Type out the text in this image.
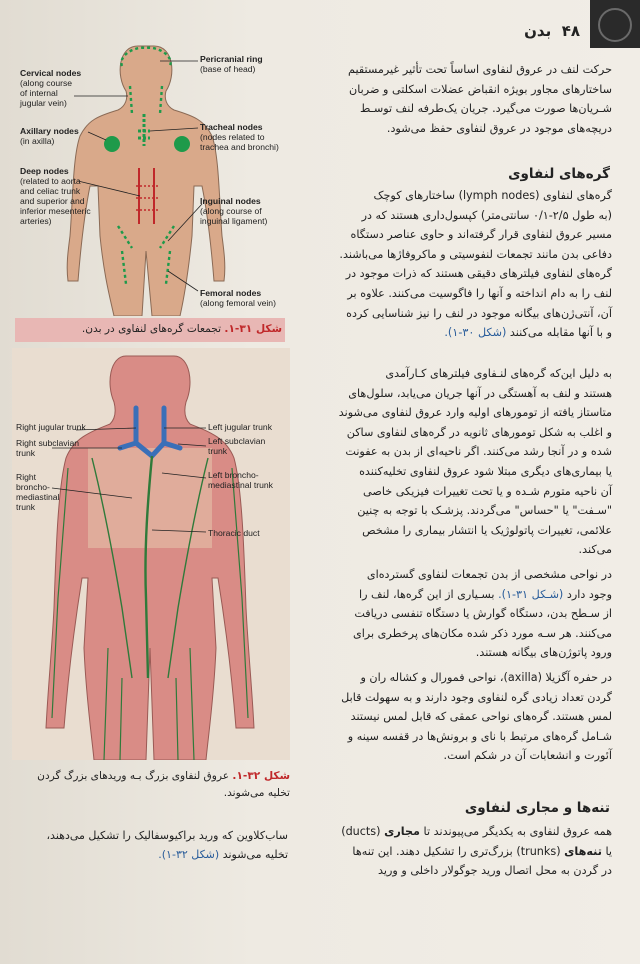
۴۸  بدن
Pericranial ring
(base of head)
Cervical nodes
(along course
of internal
jugular vein)
Axillary nodes
(in axilla)
Tracheal nodes
(nodes related to
trachea and bronchi)
Deep nodes
(related to aorta
and celiac trunk
and superior and
inferior mesenteric
arteries)
Inguinal nodes
(along course of
inguinal ligament)
Femoral nodes
(along femoral vein)
شکل ۳۱-۱. تجمعات گره‌های لنفاوی در بدن.
Right jugular trunk
Right subclavian
trunk
Right
broncho-
mediastinal
trunk
Left jugular trunk
Left subclavian
trunk
Left broncho-
mediastinal trunk
Thoracic duct
شکل ۳۲-۱. عروق لنفاوی بزرگ بـه وریدهای بزرگ گردن
تخلیه می‌شوند.
ساب‌کلاوین که ورید براکیوسفالیک را تشکیل می‌دهند،
تخلیه می‌شوند (شکل ۳۲-۱).
حرکت لنف در عروق لنفاوی اساساً تحت تأثیر غیرمستقیم
ساختارهای مجاور بویژه انقباض عضلات اسکلتی و ضربان
شـریان‌ها صورت می‌گیرد. جریان یک‌طرفه لنف توسـط
دریچه‌های موجود در عروق لنفاوی حفظ می‌شود.
گره‌های لنفاوی
گره‌های لنفاوی (lymph nodes) ساختارهای کوچک
(به طول ۲/۵-۰/۱ سانتی‌متر) کپسول‌داری هستند که در
مسیر عروق لنفاوی قرار گرفته‌اند و حاوی عناصر دستگاه
دفاعی بدن مانند تجمعات لنفوسیتی و ماکروفاژها می‌باشند.
گره‌های لنفاوی فیلترهای دقیقی هستند که ذرات موجود در
لنف را به دام انداخته و آنها را فاگوسیت می‌کنند. علاوه بر
آن، آنتی‌ژن‌های بیگانه موجود در لنف را نیز شناسایی کرده
و با آنها مقابله می‌کنند (شکل ۳۰-۱).
به دلیل این‌که گره‌های لنـفاوی فیلترهای کـارآمدی
هستند و لنف به آهستگی در آنها جریان می‌یابد، سلول‌های
متاستاز یافته از تومورهای اولیه وارد عروق لنفاوی می‌شوند
و اغلب به شکل تومورهای ثانویه در گره‌های لنفاوی ساکن
شده و در آنجا رشد می‌کنند. اگر ناحیه‌ای از بدن به عفونت
یا بیماری‌های دیگری مبتلا شود عروق لنفاوی تخلیه‌کننده
آن ناحیه متورم شـده و یا تحت تغییرات فیزیکی خاصی
"سـفت" یا "حساس" می‌گردند. پزشـک با توجه به چنین
علائمی، تغییرات پاتولوژیک یا انتشار بیماری را مشخص
می‌کند.
در نواحی مشخصی از بدن تجمعات لنفاوی گسترده‌ای
وجود دارد (شـکل ۳۱-۱). بسـیاری از این گره‌ها، لنف را
از سـطح بدن، دستگاه گوارش یا دستگاه تنفسی دریافت
می‌کنند. هر سـه مورد ذکر شده مکان‌های پرخطری برای
ورود پاتوژن‌های بیگانه هستند.
در حفره آگزیلا (axilla)، نواحی فمورال و کشاله ران و
گردن تعداد زیادی گره لنفاوی وجود دارند و به سهولت قابل
لمس هستند. گره‌های نواحی عمقی که قابل لمس نیستند
شـامل گره‌های مرتبط با نای و برونش‌ها در قفسه سینه و
آئورت و انشعابات آن در شکم است.
تنه‌ها و مجاری لنفاوی
همه عروق لنفاوی به یکدیگر می‌پیوندند تا مجاری (ducts)
یا تنه‌های (trunks) بزرگ‌تری را تشکیل دهند. این تنه‌ها
در گردن به محل اتصال ورید جوگولار داخلی و ورید
